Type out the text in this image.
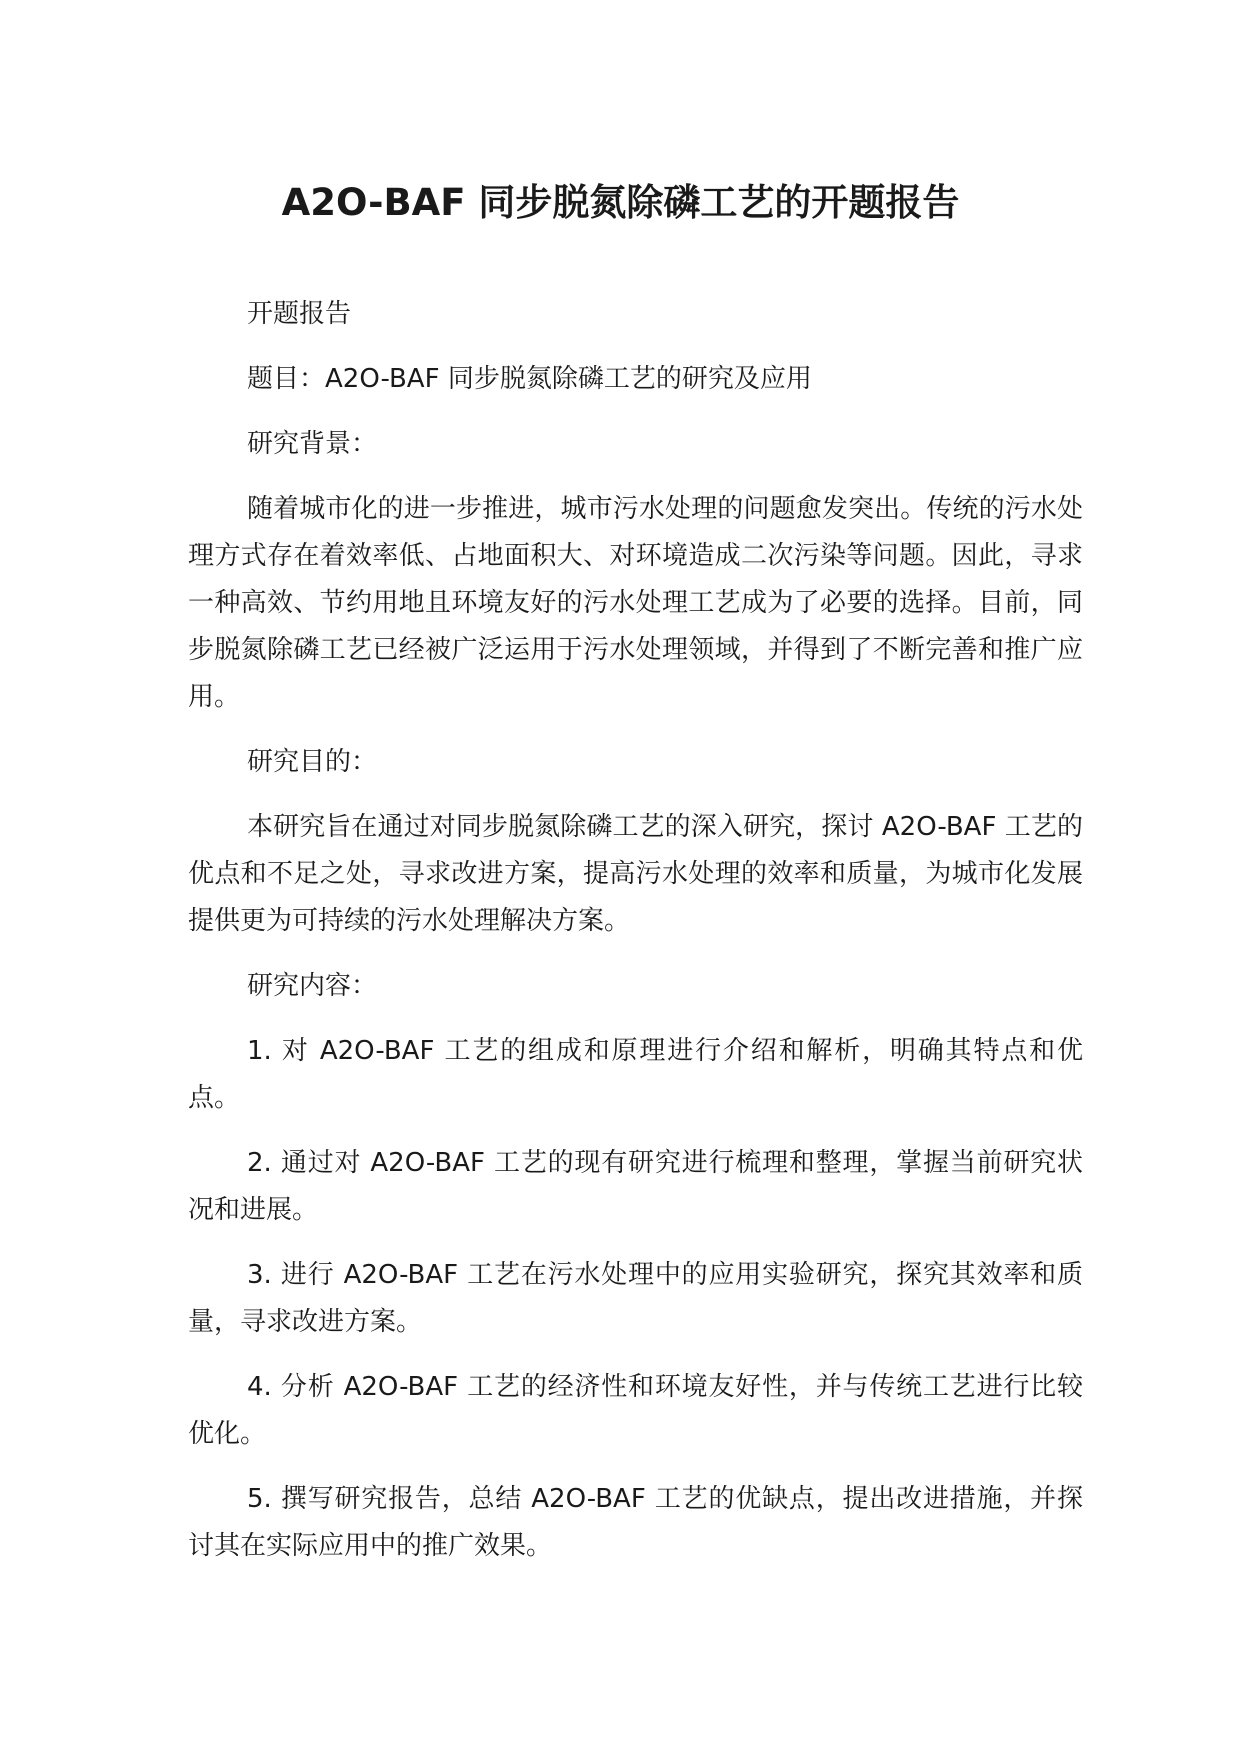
A2O-BAF 同步脱氮除磷工艺的开题报告

开题报告

题目：A2O-BAF 同步脱氮除磷工艺的研究及应用

研究背景：

随着城市化的进一步推进，城市污水处理的问题愈发突出。传统的污水处理方式存在着效率低、占地面积大、对环境造成二次污染等问题。因此，寻求一种高效、节约用地且环境友好的污水处理工艺成为了必要的选择。目前，同步脱氮除磷工艺已经被广泛运用于污水处理领域，并得到了不断完善和推广应用。

研究目的：

本研究旨在通过对同步脱氮除磷工艺的深入研究，探讨 A2O-BAF 工艺的优点和不足之处，寻求改进方案，提高污水处理的效率和质量，为城市化发展提供更为可持续的污水处理解决方案。

研究内容：

1. 对 A2O-BAF 工艺的组成和原理进行介绍和解析，明确其特点和优点。

2. 通过对 A2O-BAF 工艺的现有研究进行梳理和整理，掌握当前研究状况和进展。

3. 进行 A2O-BAF 工艺在污水处理中的应用实验研究，探究其效率和质量，寻求改进方案。

4. 分析 A2O-BAF 工艺的经济性和环境友好性，并与传统工艺进行比较优化。

5. 撰写研究报告，总结 A2O-BAF 工艺的优缺点，提出改进措施，并探讨其在实际应用中的推广效果。
